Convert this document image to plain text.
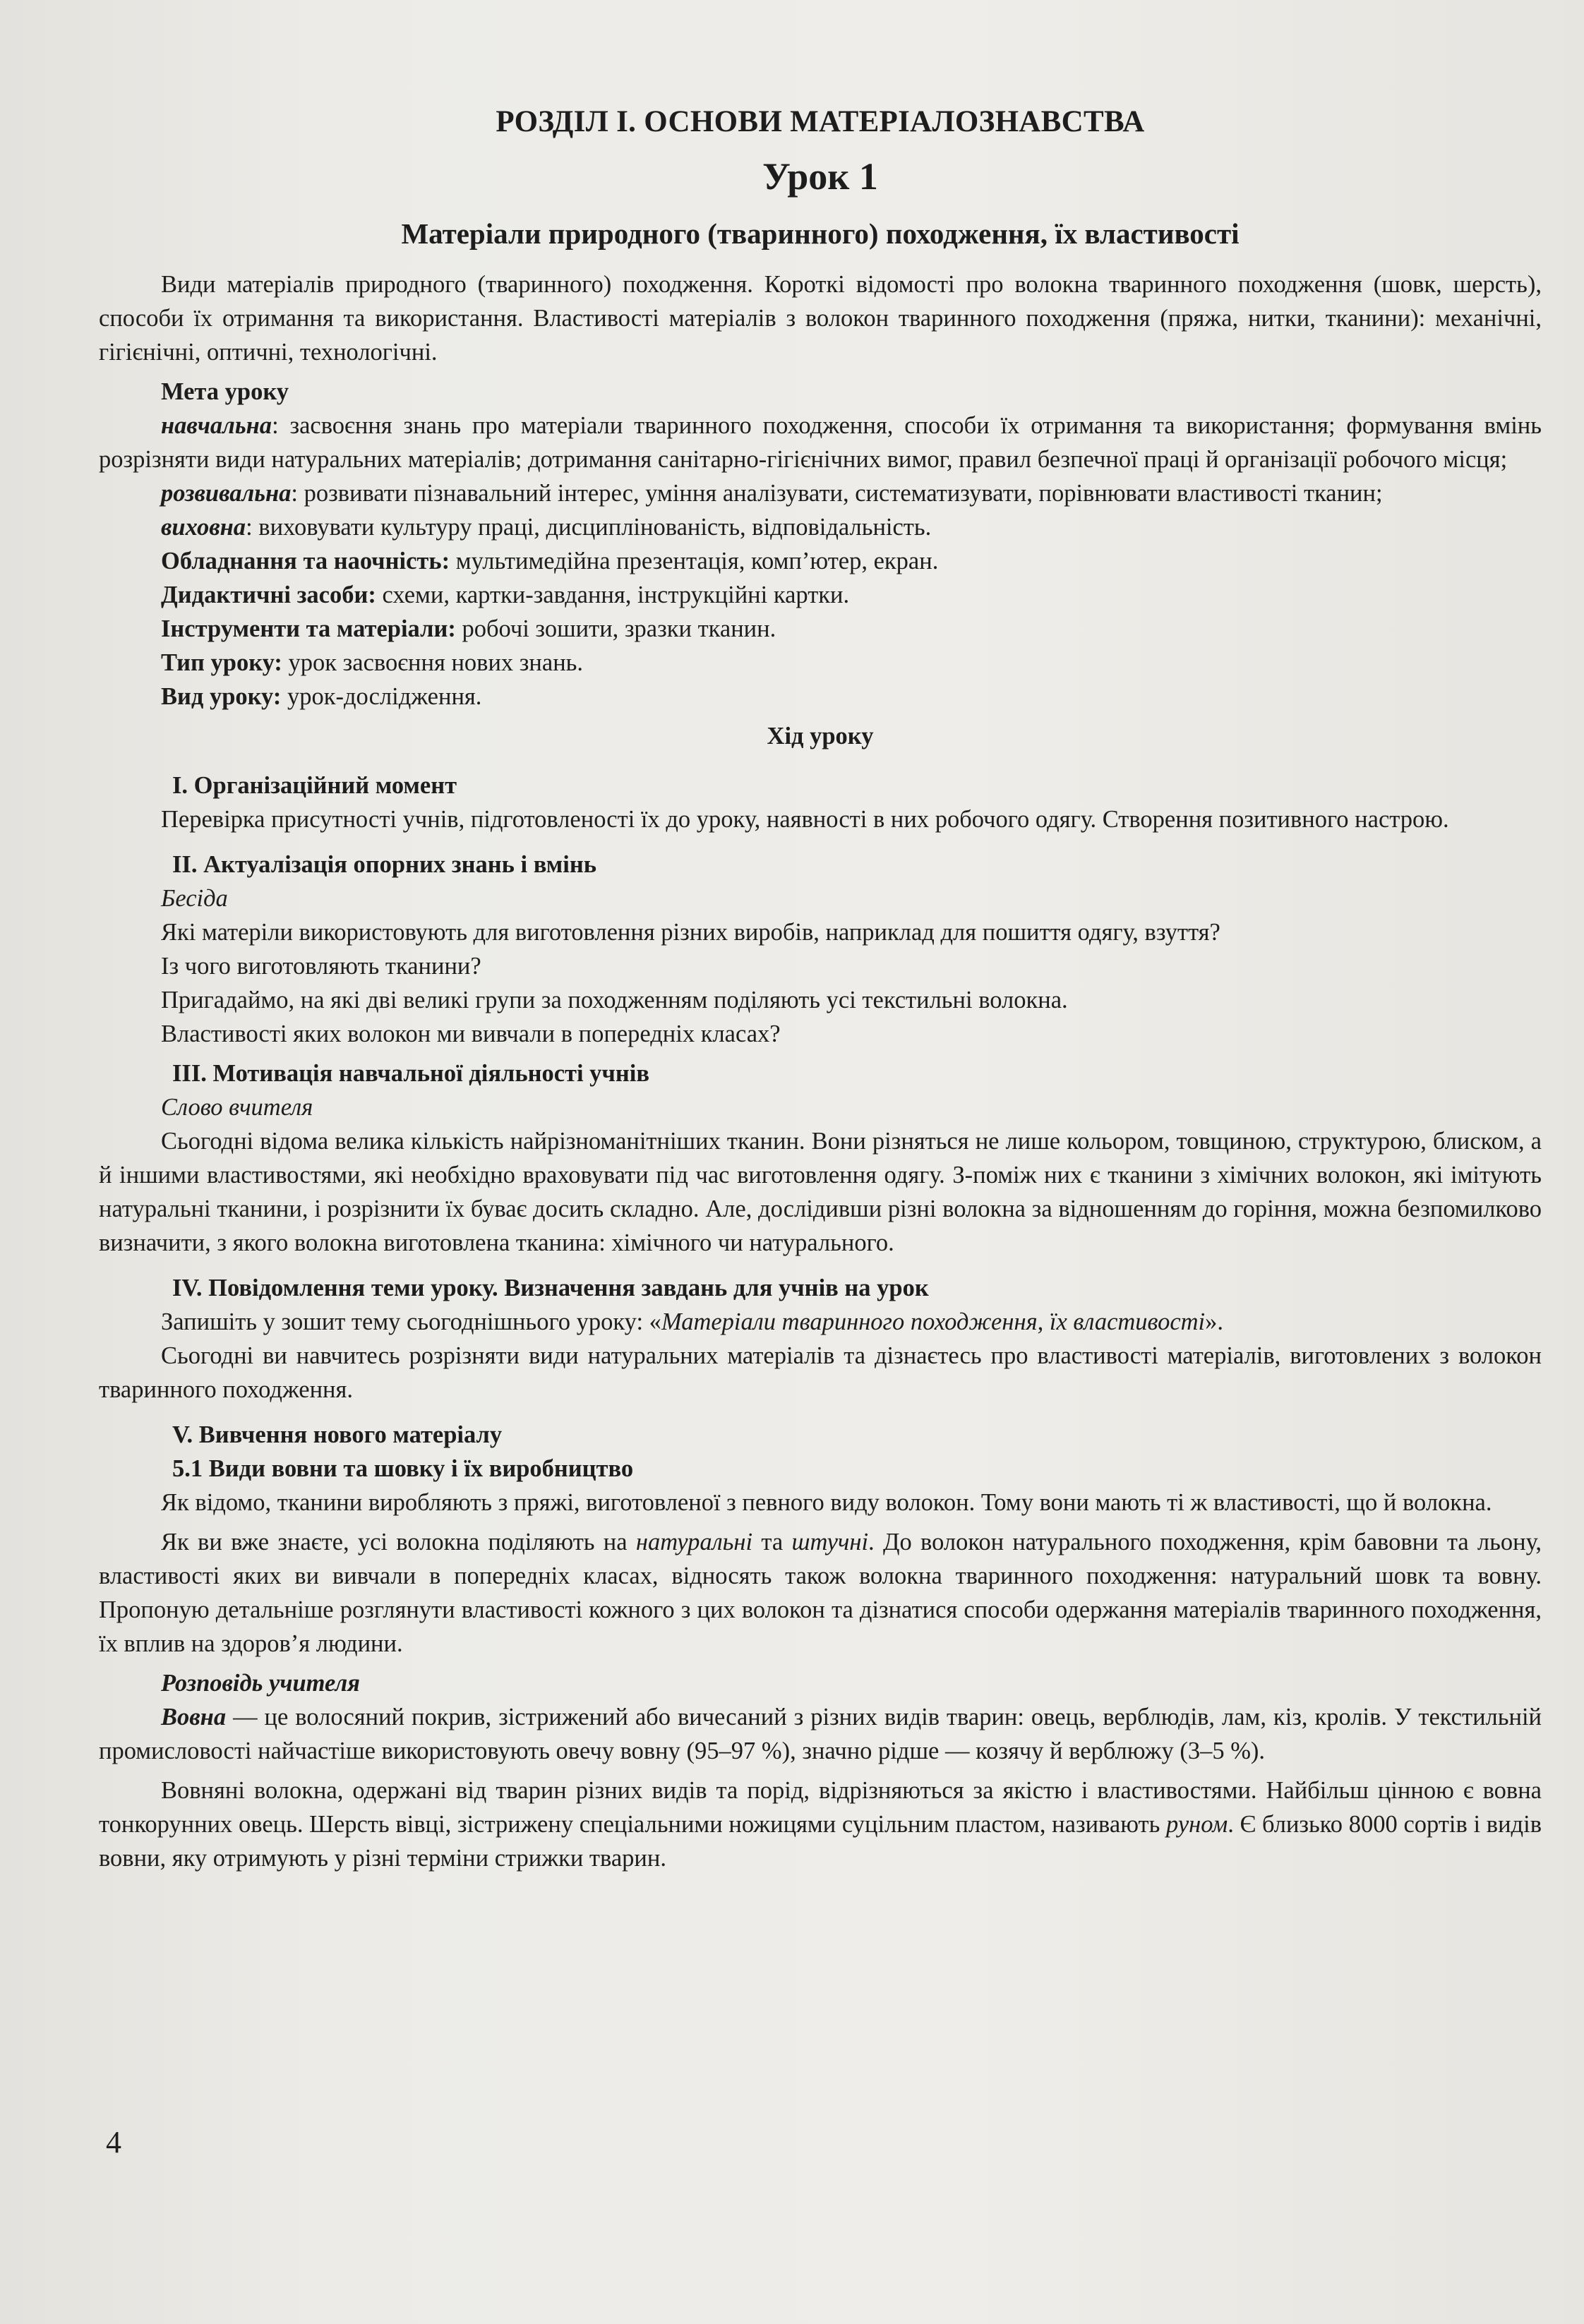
РОЗДІЛ І. ОСНОВИ МАТЕРІАЛОЗНАВСТВА
Урок 1
Матеріали природного (тваринного) походження, їх властивості

Види матеріалів природного (тваринного) походження. Короткі відомості про волокна тваринного походження (шовк, шерсть), способи їх отримання та використання. Властивості матеріалів з волокон тваринного походження (пряжа, нитки, тканини): механічні, гігієнічні, оптичні, технологічні.

Мета уроку

навчальна: засвоєння знань про матеріали тваринного походження, способи їх отримання та використання; формування вмінь розрізняти види натуральних матеріалів; дотримання санітарно-гігієнічних вимог, правил безпечної праці й організації робочого місця;

розвивальна: розвивати пізнавальний інтерес, уміння аналізувати, систематизувати, порівнювати властивості тканин;

виховна: виховувати культуру праці, дисциплінованість, відповідальність.

Обладнання та наочність: мультимедійна презентація, комп’ютер, екран.

Дидактичні засоби: схеми, картки-завдання, інструкційні картки.

Інструменти та матеріали: робочі зошити, зразки тканин.

Тип уроку: урок засвоєння нових знань.

Вид уроку: урок-дослідження.

Хід уроку

I. Організаційний момент

Перевірка присутності учнів, підготовленості їх до уроку, наявності в них робочого одягу. Створення позитивного настрою.

II. Актуалізація опорних знань і вмінь

Бесіда

Які матеріли використовують для виготовлення різних виробів, наприклад для пошиття одягу, взуття?

Із чого виготовляють тканини?

Пригадаймо, на які дві великі групи за походженням поділяють усі текстильні волокна.

Властивості яких волокон ми вивчали в попередніх класах?

III. Мотивація навчальної діяльності учнів

Слово вчителя

Сьогодні відома велика кількість найрізноманітніших тканин. Вони різняться не лише кольором, товщиною, структурою, блиском, а й іншими властивостями, які необхідно враховувати під час виготовлення одягу. З-поміж них є тканини з хімічних волокон, які імітують натуральні тканини, і розрізнити їх буває досить складно. Але, дослідивши різні волокна за відношенням до горіння, можна безпомилково визначити, з якого волокна виготовлена тканина: хімічного чи натурального.

IV. Повідомлення теми уроку. Визначення завдань для учнів на урок

Запишіть у зошит тему сьогоднішнього уроку: «Матеріали тваринного походження, їх властивості».

Сьогодні ви навчитесь розрізняти види натуральних матеріалів та дізнаєтесь про властивості матеріалів, виготовлених з волокон тваринного походження.

V. Вивчення нового матеріалу

5.1 Види вовни та шовку і їх виробництво

Як відомо, тканини виробляють з пряжі, виготовленої з певного виду волокон. Тому вони мають ті ж властивості, що й волокна.

Як ви вже знаєте, усі волокна поділяють на натуральні та штучні. До волокон натурального походження, крім бавовни та льону, властивості яких ви вивчали в попередніх класах, відносять також волокна тваринного походження: натуральний шовк та вовну. Пропоную детальніше розглянути властивості кожного з цих волокон та дізнатися способи одержання матеріалів тваринного походження, їх вплив на здоров’я людини.

Розповідь учителя

Вовна — це волосяний покрив, зістрижений або вичесаний з різних видів тварин: овець, верблюдів, лам, кіз, кролів. У текстильній промисловості найчастіше використовують овечу вовну (95–97 %), значно рідше — козячу й верблюжу (3–5 %).

Вовняні волокна, одержані від тварин різних видів та порід, відрізняються за якістю і властивостями. Найбільш цінною є вовна тонкорунних овець. Шерсть вівці, зістрижену спеціальними ножицями суцільним пластом, називають руном. Є близько 8000 сортів і видів вовни, яку отримують у різні терміни стрижки тварин.

4
